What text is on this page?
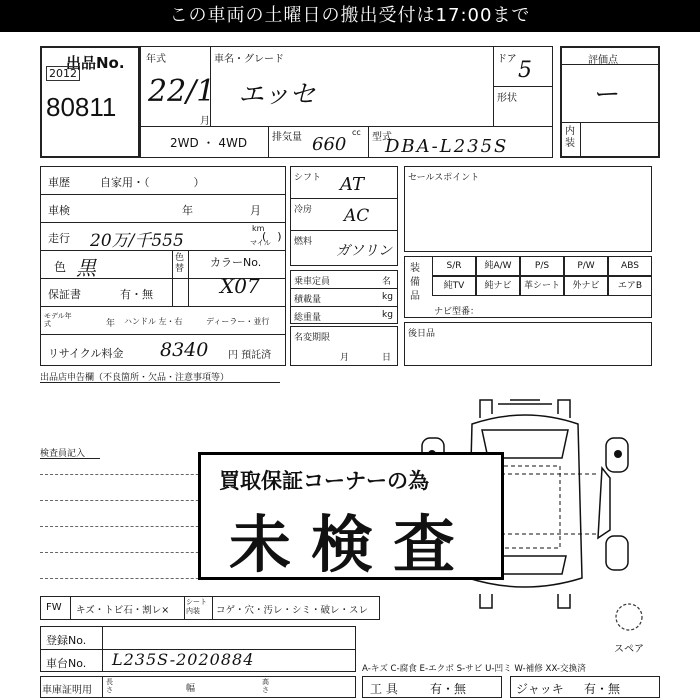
この車両の土曜日の搬出受付は17:00まで
出品No.
2012
80811
年式
22/1
月
車名・グレード
エッセ
ドア 5
形状
2WD ・ 4WD 排気量 660
cc 型式
DBA-L235S
評価点
ー
内装
車歴	自家用・（　　　　）
車検	年	月
走行 20万/千555
km
マイル
(　)
色 黒	色替 カラーNo.
X07
保証書	有・無
モデル年式	年 ハンドル 左・右	ディーラー・並行
リサイクル料金 8340 円 預託済
シフト AT
冷房 AC
燃料
ガソリン
乗車定員	名
積載量	kg
総重量	kg
名変期限
月	日
セールスポイント
装備品
S/R	純A/W	P/S	P/W	ABS
純TV	純ナビ	革シート	外ナビ	エアB
ナビ型番：
後日品
出品店申告欄（不良箇所・欠品・注意事項等）
検査員記入
スペア
買取保証コーナーの為
未検査
FW キズ・トビ石・割レ×
シート内装	コゲ・穴・汚レ・シミ・破レ・スレ
登録No.
車台No. L235S-2020884
車庫証明用
長さ	幅
高さ
A-キズ C-腐食 E-エクボ S-サビ U-凹ミ W-補修 XX-交換済
工 具	有・無	ジャッキ 有・無
